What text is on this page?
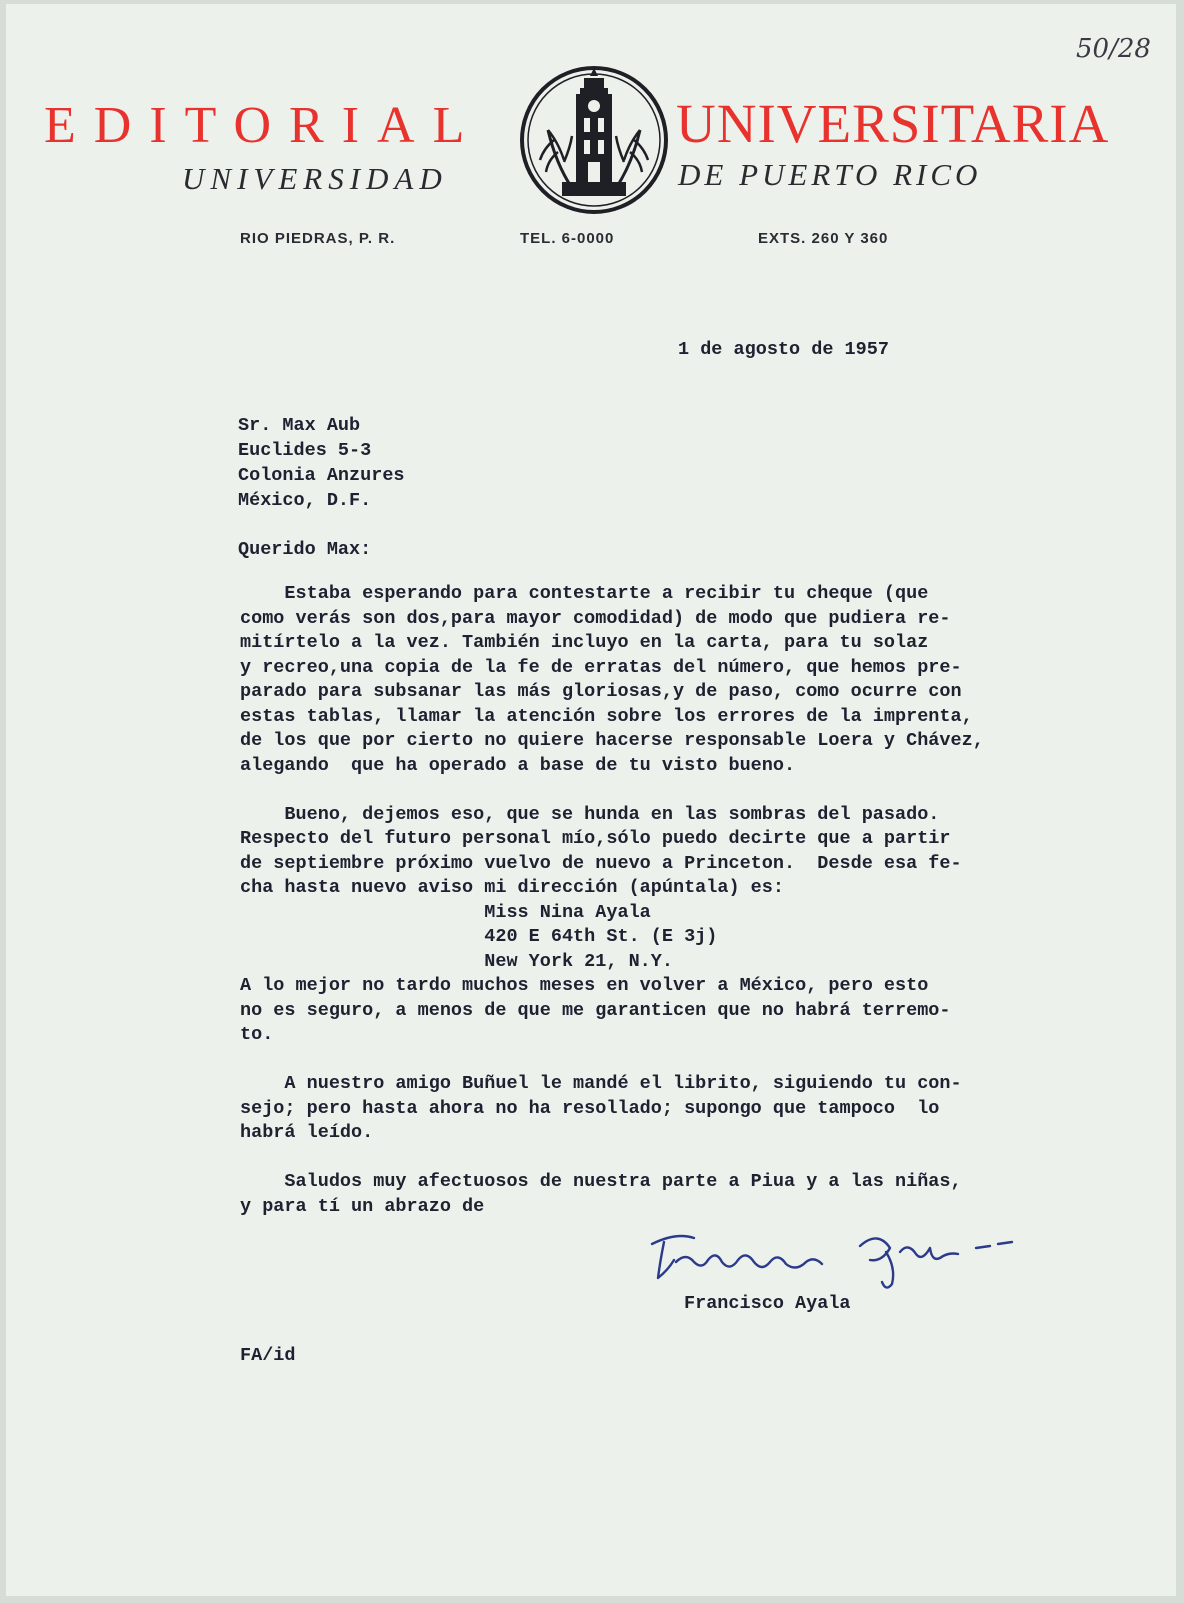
50/28
EDITORIAL	UNIVERSITARIA
UNIVERSIDAD	DE PUERTO RICO
RIO PIEDRAS, P. R.	TEL. 6-0000	EXTS. 260 Y 360
1 de agosto de 1957
Sr. Max Aub
Euclides 5-3
Colonia Anzures
México, D.F.
Querido Max:
Estaba esperando para contestarte a recibir tu cheque (que
como verás son dos,para mayor comodidad) de modo que pudiera re-
mitírtelo a la vez. También incluyo en la carta, para tu solaz
y recreo,una copia de la fe de erratas del número, que hemos pre-
parado para subsanar las más gloriosas,y de paso, como ocurre con
estas tablas, llamar la atención sobre los errores de la imprenta,
de los que por cierto no quiere hacerse responsable Loera y Chávez,
alegando  que ha operado a base de tu visto bueno.

Bueno, dejemos eso, que se hunda en las sombras del pasado.
Respecto del futuro personal mío,sólo puedo decirte que a partir
de septiembre próximo vuelvo de nuevo a Princeton.  Desde esa fe-
cha hasta nuevo aviso mi dirección (apúntala) es:
Miss Nina Ayala
420 E 64th St. (E 3j)
New York 21, N.Y.
A lo mejor no tardo muchos meses en volver a México, pero esto
no es seguro, a menos de que me garanticen que no habrá terremo-
to.

A nuestro amigo Buñuel le mandé el librito, siguiendo tu con-
sejo; pero hasta ahora no ha resollado; supongo que tampoco  lo
habrá leído.

Saludos muy afectuosos de nuestra parte a Piua y a las niñas,
y para tí un abrazo de
Francisco Ayala
FA/id
